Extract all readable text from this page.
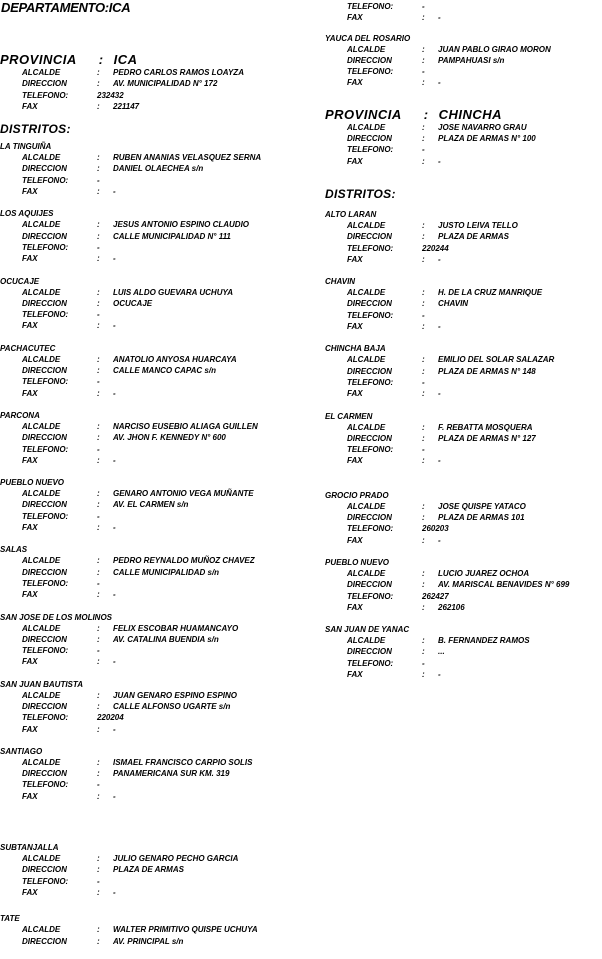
DEPARTAMENTO:ICA
PROVINCIA : ICA
ALCALDE	: PEDRO CARLOS RAMOS LOAYZA
DIRECCION	: AV. MUNICIPALIDAD N° 172
TELEFONO:	232432
FAX	: 221147
DISTRITOS:
LA TINGUIÑA
ALCALDE	: RUBEN ANANIAS VELASQUEZ SERNA
DIRECCION	: DANIEL OLAECHEA s/n
TELEFONO:	-
FAX	: -
LOS AQUIJES
ALCALDE	: JESUS ANTONIO ESPINO CLAUDIO
DIRECCION	: CALLE MUNICIPALIDAD N° 111
TELEFONO:	-
FAX	: -
OCUCAJE
ALCALDE	: LUIS ALDO GUEVARA UCHUYA
DIRECCION	: OCUCAJE
TELEFONO:	-
FAX	: -
PACHACUTEC
ALCALDE	: ANATOLIO ANYOSA HUARCAYA
DIRECCION	: CALLE MANCO CAPAC s/n
TELEFONO:	-
FAX	: -
PARCONA
ALCALDE	: NARCISO EUSEBIO ALIAGA GUILLEN
DIRECCION	: AV. JHON F. KENNEDY N° 600
TELEFONO:	-
FAX	: -
PUEBLO NUEVO
ALCALDE	: GENARO ANTONIO VEGA MUÑANTE
DIRECCION	: AV. EL CARMEN s/n
TELEFONO:	-
FAX	: -
SALAS
ALCALDE	: PEDRO REYNALDO MUÑOZ CHAVEZ
DIRECCION	: CALLE MUNICIPALIDAD s/n
TELEFONO:	-
FAX	: -
SAN JOSE DE LOS MOLINOS
ALCALDE	: FELIX ESCOBAR HUAMANCAYO
DIRECCION	: AV. CATALINA BUENDIA s/n
TELEFONO:	-
FAX	: -
SAN JUAN BAUTISTA
ALCALDE	: JUAN GENARO ESPINO ESPINO
DIRECCION	: CALLE ALFONSO UGARTE s/n
TELEFONO:	220204
FAX	: -
SANTIAGO
ALCALDE	: ISMAEL FRANCISCO CARPIO SOLIS
DIRECCION	: PANAMERICANA SUR KM. 319
TELEFONO:	-
FAX	: -
SUBTANJALLA
ALCALDE	: JULIO GENARO PECHO GARCIA
DIRECCION	: PLAZA DE ARMAS
TELEFONO:	-
FAX	: -
TATE
ALCALDE	: WALTER PRIMITIVO QUISPE UCHUYA
DIRECCION	: AV. PRINCIPAL s/n
TELEFONO:	-
FAX	: -
YAUCA DEL ROSARIO
ALCALDE	: JUAN PABLO GIRAO MORON
DIRECCION	: PAMPAHUASI s/n
TELEFONO:	-
FAX	: -
PROVINCIA : CHINCHA
ALCALDE	: JOSE NAVARRO GRAU
DIRECCION	: PLAZA DE ARMAS N° 100
TELEFONO:	-
FAX	: -
DISTRITOS:
ALTO LARAN
ALCALDE	: JUSTO LEIVA TELLO
DIRECCION	: PLAZA DE ARMAS
TELEFONO:	220244
FAX	: -
CHAVIN
ALCALDE	: H. DE LA CRUZ MANRIQUE
DIRECCION	: CHAVIN
TELEFONO:	-
FAX	: -
CHINCHA BAJA
ALCALDE	: EMILIO DEL SOLAR SALAZAR
DIRECCION	: PLAZA DE ARMAS N° 148
TELEFONO:	-
FAX	: -
EL CARMEN
ALCALDE	: F. REBATTA MOSQUERA
DIRECCION	: PLAZA DE ARMAS N° 127
TELEFONO:	-
FAX	: -
GROCIO PRADO
ALCALDE	: JOSE QUISPE YATACO
DIRECCION	: PLAZA DE ARMAS 101
TELEFONO:	260203
FAX	: -
PUEBLO NUEVO
ALCALDE	: LUCIO JUAREZ OCHOA
DIRECCION	: AV. MARISCAL BENAVIDES N° 699
TELEFONO:	262427
FAX	: 262106
SAN JUAN DE YANAC
ALCALDE	: B. FERNANDEZ RAMOS
DIRECCION	: ...
TELEFONO:	-
FAX	: -
